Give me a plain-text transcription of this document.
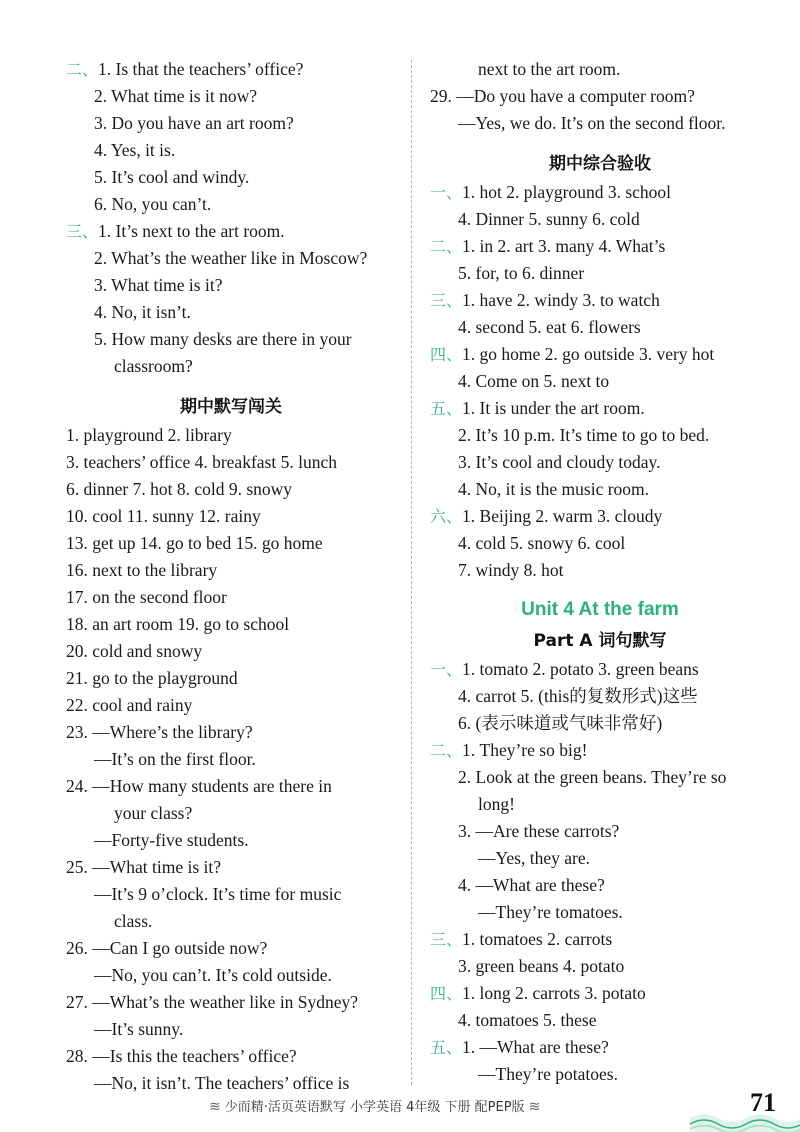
二、1. Is that the teachers’ office?
2. What time is it now?
3. Do you have an art room?
4. Yes, it is.
5. It’s cool and windy.
6. No, you can’t.
三、1. It’s next to the art room.
2. What’s the weather like in Moscow?
3. What time is it?
4. No, it isn’t.
5. How many desks are there in your
classroom?
期中默写闯关
1. playground 2. library
3. teachers’ office 4. breakfast 5. lunch
6. dinner 7. hot 8. cold 9. snowy
10. cool 11. sunny 12. rainy
13. get up 14. go to bed 15. go home
16. next to the library
17. on the second floor
18. an art room 19. go to school
20. cold and snowy
21. go to the playground
22. cool and rainy
23. —Where’s the library?
—It’s on the first floor.
24. —How many students are there in
your class?
—Forty-five students.
25. —What time is it?
—It’s 9 o’clock. It’s time for music
class.
26. —Can I go outside now?
—No, you can’t. It’s cold outside.
27. —What’s the weather like in Sydney?
—It’s sunny.
28. —Is this the teachers’ office?
—No, it isn’t. The teachers’ office is
next to the art room.
29. —Do you have a computer room?
—Yes, we do. It’s on the second floor.
期中综合验收
一、1. hot 2. playground 3. school
4. Dinner 5. sunny 6. cold
二、1. in 2. art 3. many 4. What’s
5. for, to 6. dinner
三、1. have 2. windy 3. to watch
4. second 5. eat 6. flowers
四、1. go home 2. go outside 3. very hot
4. Come on 5. next to
五、1. It is under the art room.
2. It’s 10 p.m. It’s time to go to bed.
3. It’s cool and cloudy today.
4. No, it is the music room.
六、1. Beijing 2. warm 3. cloudy
4. cold 5. snowy 6. cool
7. windy 8. hot
Unit 4 At the farm
Part A 词句默写
一、1. tomato 2. potato 3. green beans
4. carrot 5. (this的复数形式)这些
6. (表示味道或气味非常好)
二、1. They’re so big!
2. Look at the green beans. They’re so
long!
3. —Are these carrots?
—Yes, they are.
4. —What are these?
—They’re tomatoes.
三、1. tomatoes 2. carrots
3. green beans 4. potato
四、1. long 2. carrots 3. potato
4. tomatoes 5. these
五、1. —What are these?
—They’re potatoes.
≋ 少而精·活页英语默写 小学英语 4年级 下册 配PEP版 ≋	71
